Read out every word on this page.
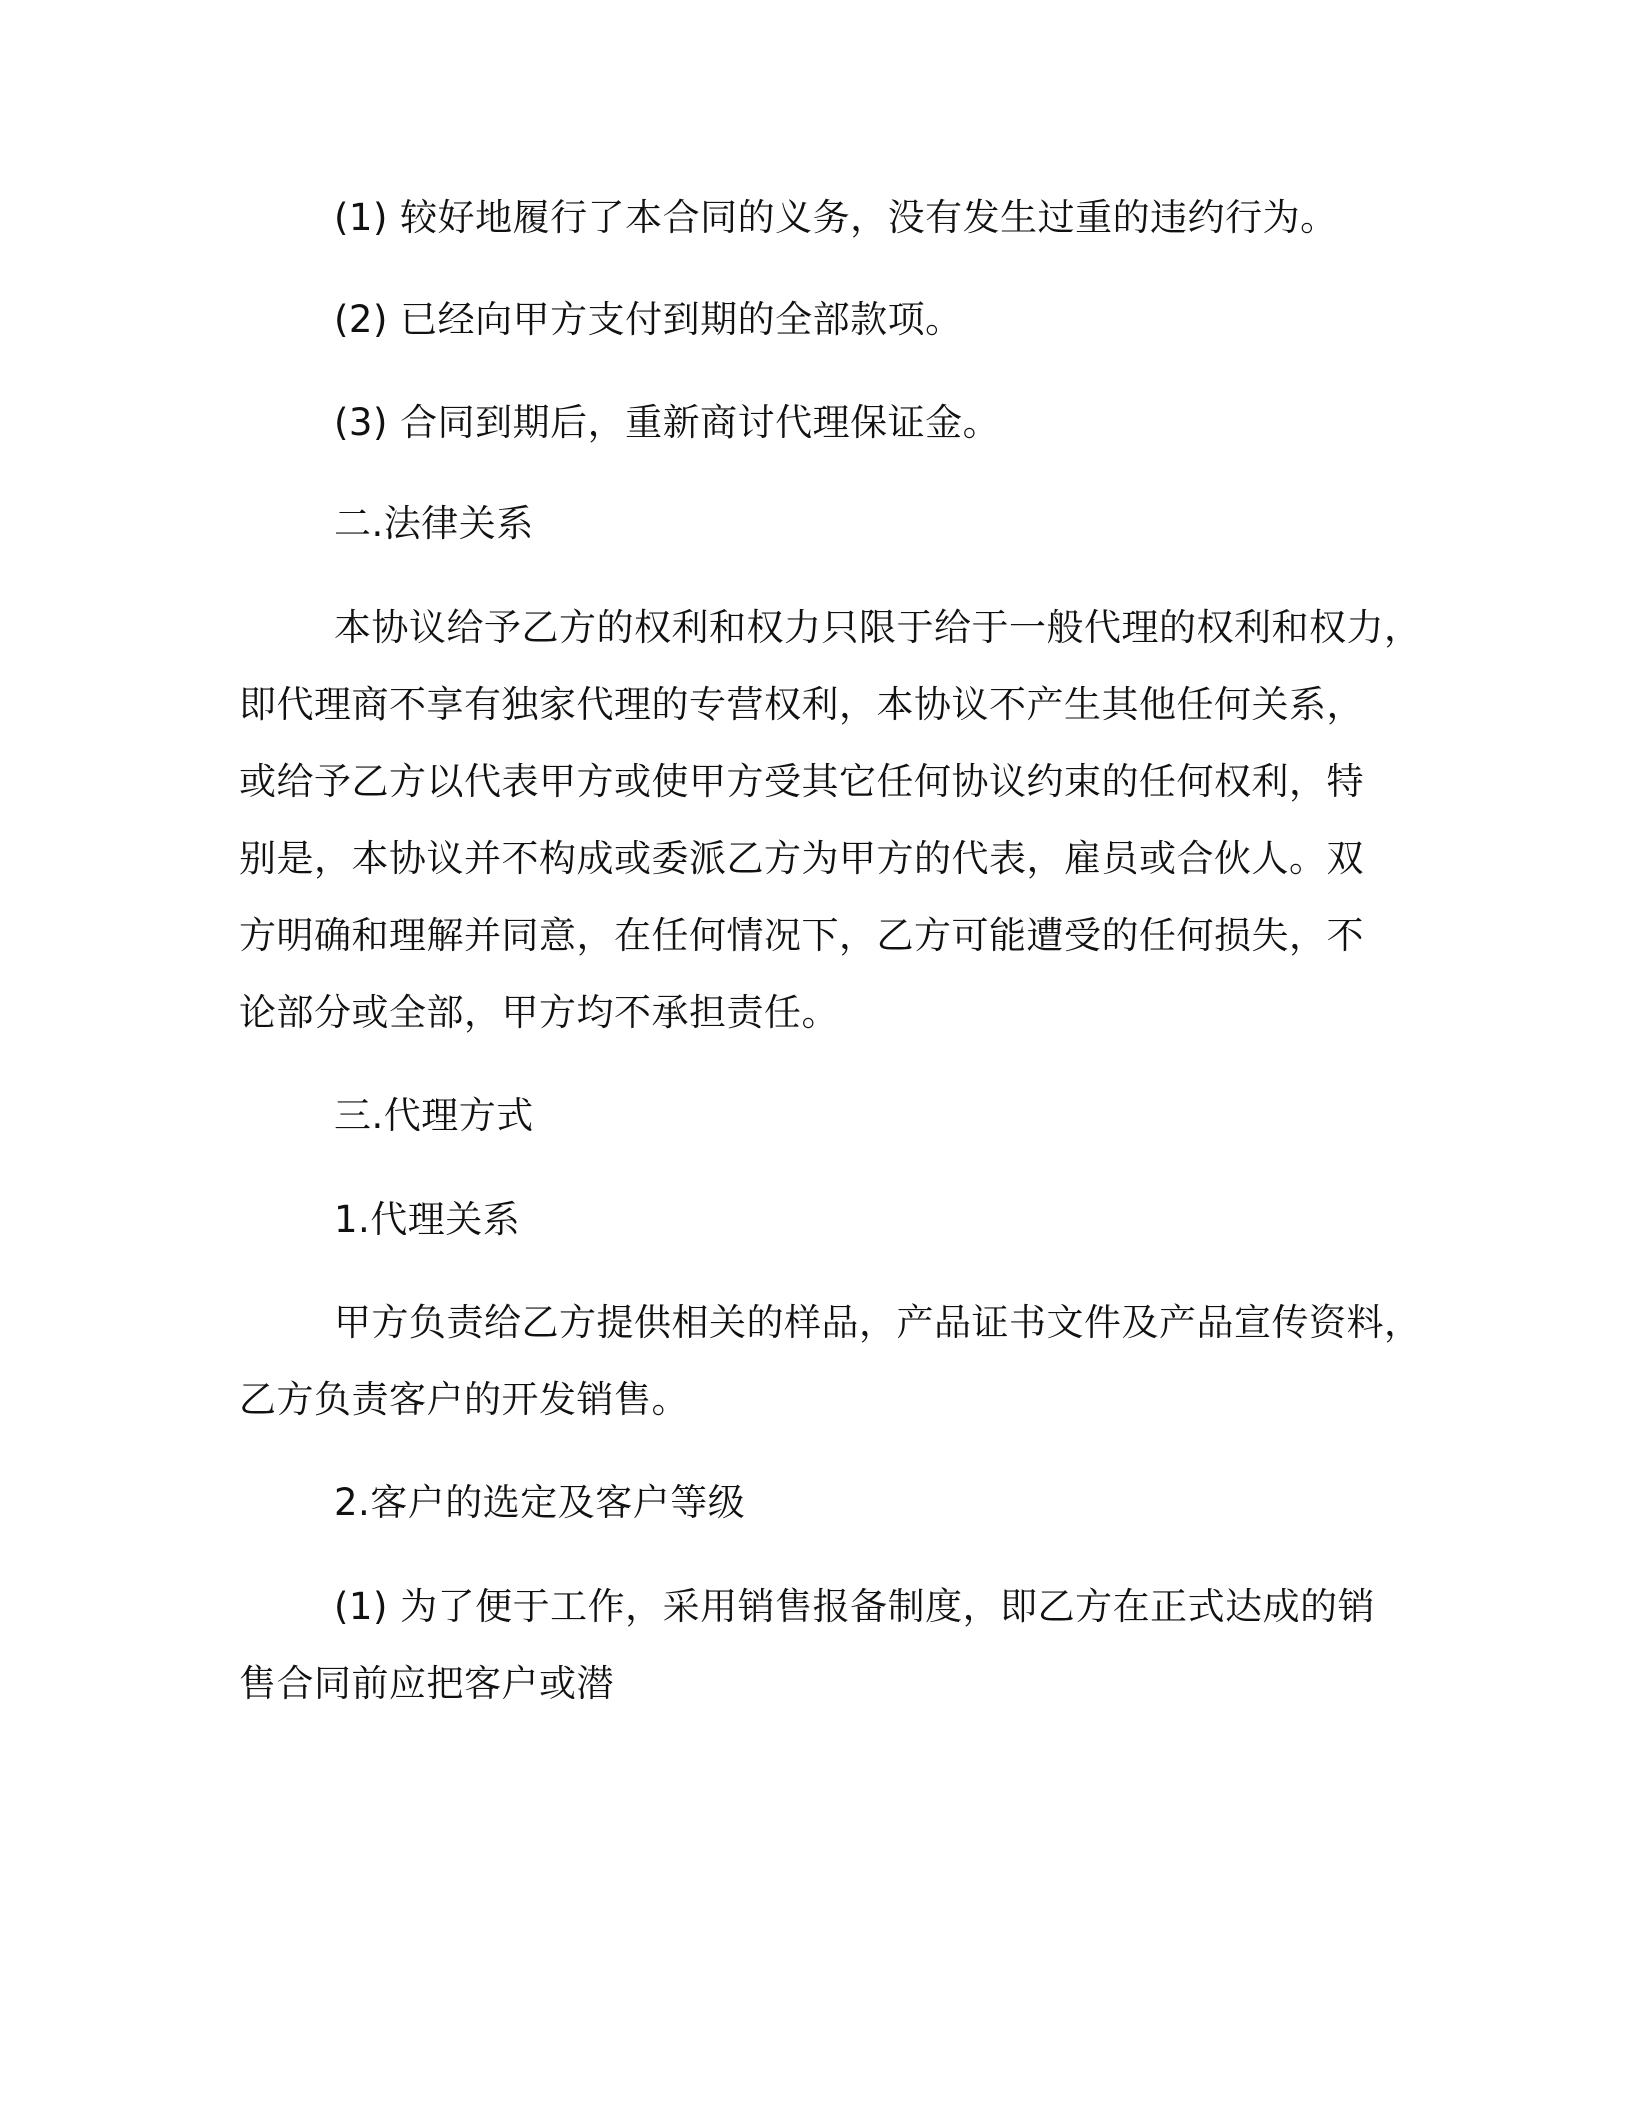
(1) 较好地履行了本合同的义务，没有发生过重的违约行为。
(2) 已经向甲方支付到期的全部款项。
(3) 合同到期后，重新商讨代理保证金。
二.法律关系
本协议给予乙方的权利和权力只限于给于一般代理的权利和权力，
即代理商不享有独家代理的专营权利，本协议不产生其他任何关系，
或给予乙方以代表甲方或使甲方受其它任何协议约束的任何权利，特
别是，本协议并不构成或委派乙方为甲方的代表，雇员或合伙人。双
方明确和理解并同意，在任何情况下，乙方可能遭受的任何损失，不
论部分或全部，甲方均不承担责任。
三.代理方式
1.代理关系
甲方负责给乙方提供相关的样品，产品证书文件及产品宣传资料，
乙方负责客户的开发销售。
2.客户的选定及客户等级
(1) 为了便于工作，采用销售报备制度，即乙方在正式达成的销
售合同前应把客户或潜
